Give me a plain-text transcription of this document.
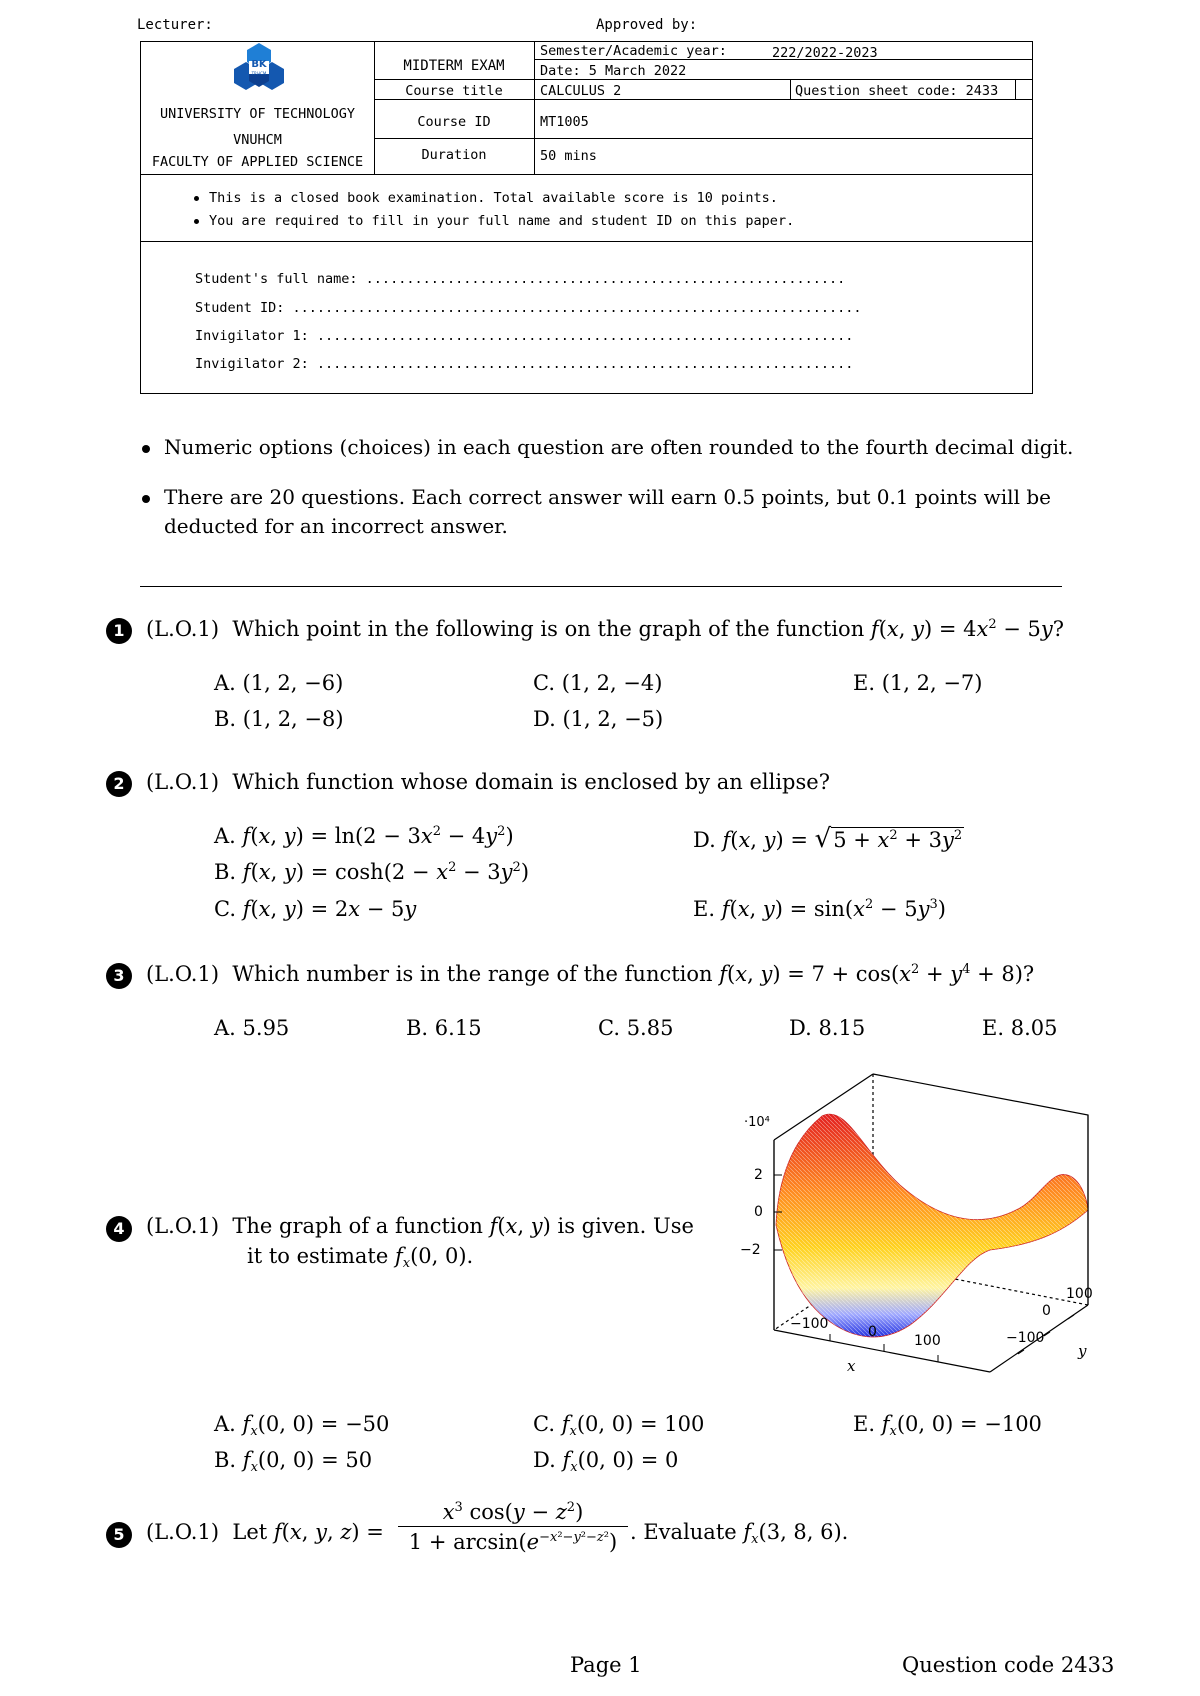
Lecturer:	Approved by:
BK
TP.HCM
UNIVERSITY OF TECHNOLOGY
VNUHCM
FACULTY OF APPLIED SCIENCE
MIDTERM EXAM
Semester/Academic year:	222/2022-2023
Date: 5 March 2022
Course title	CALCULUS 2	Question sheet code: 2433
Course ID	MT1005
Duration	50 mins
This is a closed book examination. Total available score is 10 points.
You are required to fill in your full name and student ID on this paper.
Student's full name: ...........................................................
Student ID: ......................................................................
Invigilator 1: ..................................................................
Invigilator 2: ..................................................................
Numeric options (choices) in each question are often rounded to the fourth decimal digit.
There are 20 questions. Each correct answer will earn 0.5 points, but 0.1 points will be
deducted for an incorrect answer.
1	(L.O.1) Which point in the following is on the graph of the function f(x, $y) = 4x^2 - 5y$?
A. (1, 2, −6)
B. (1, 2, −8)
C. (1, 2, −4)
D. (1, 2, −5)
E. (1, 2, −7)
2	(L.O.1) Which function whose domain is enclosed by an ellipse?
A. f(x, $y) = \ln(2 - 3x^2 - 4y^2)$
B. f(x, $y) = \cosh(2 - x^2 - 3y^2)$
C. f(x, y) = 2x − 5y
D. f(x, $y) = √5 + x^2 + 3y^2$
E. f(x, $y) = \sin(x^2 - 5y^3)$
3	(L.O.1) Which number is in the range of the function f(x, $y) = 7 + \cos(x^2 + y^4 + 8)$?
A. 5.95	B. 6.15	C. 5.85	D. 8.15	E. 8.05
4	(L.O.1) The graph of a function f(x, y) is given. Use
it to estimate $f_x(0$, 0).
·10⁴
2
0
−2
−100	0
100
100
0
−100
x
y
A. $f_x(0$, 0) = −50
B. $f_x(0$, 0) = 50
C. $f_x(0$, 0) = 100
D. $f_x(0$, 0) = 0
E. $f_x(0$, 0) = −100
5	(L.O.1) Let f(x, y, z) =
$x^3$ $\cos(y - z^2)$
$1 + \arcsin(e^{-x^2-y^2-z^2})$ . Evaluate $f_x(3$, 8, 6).
Page 1	Question code 2433
